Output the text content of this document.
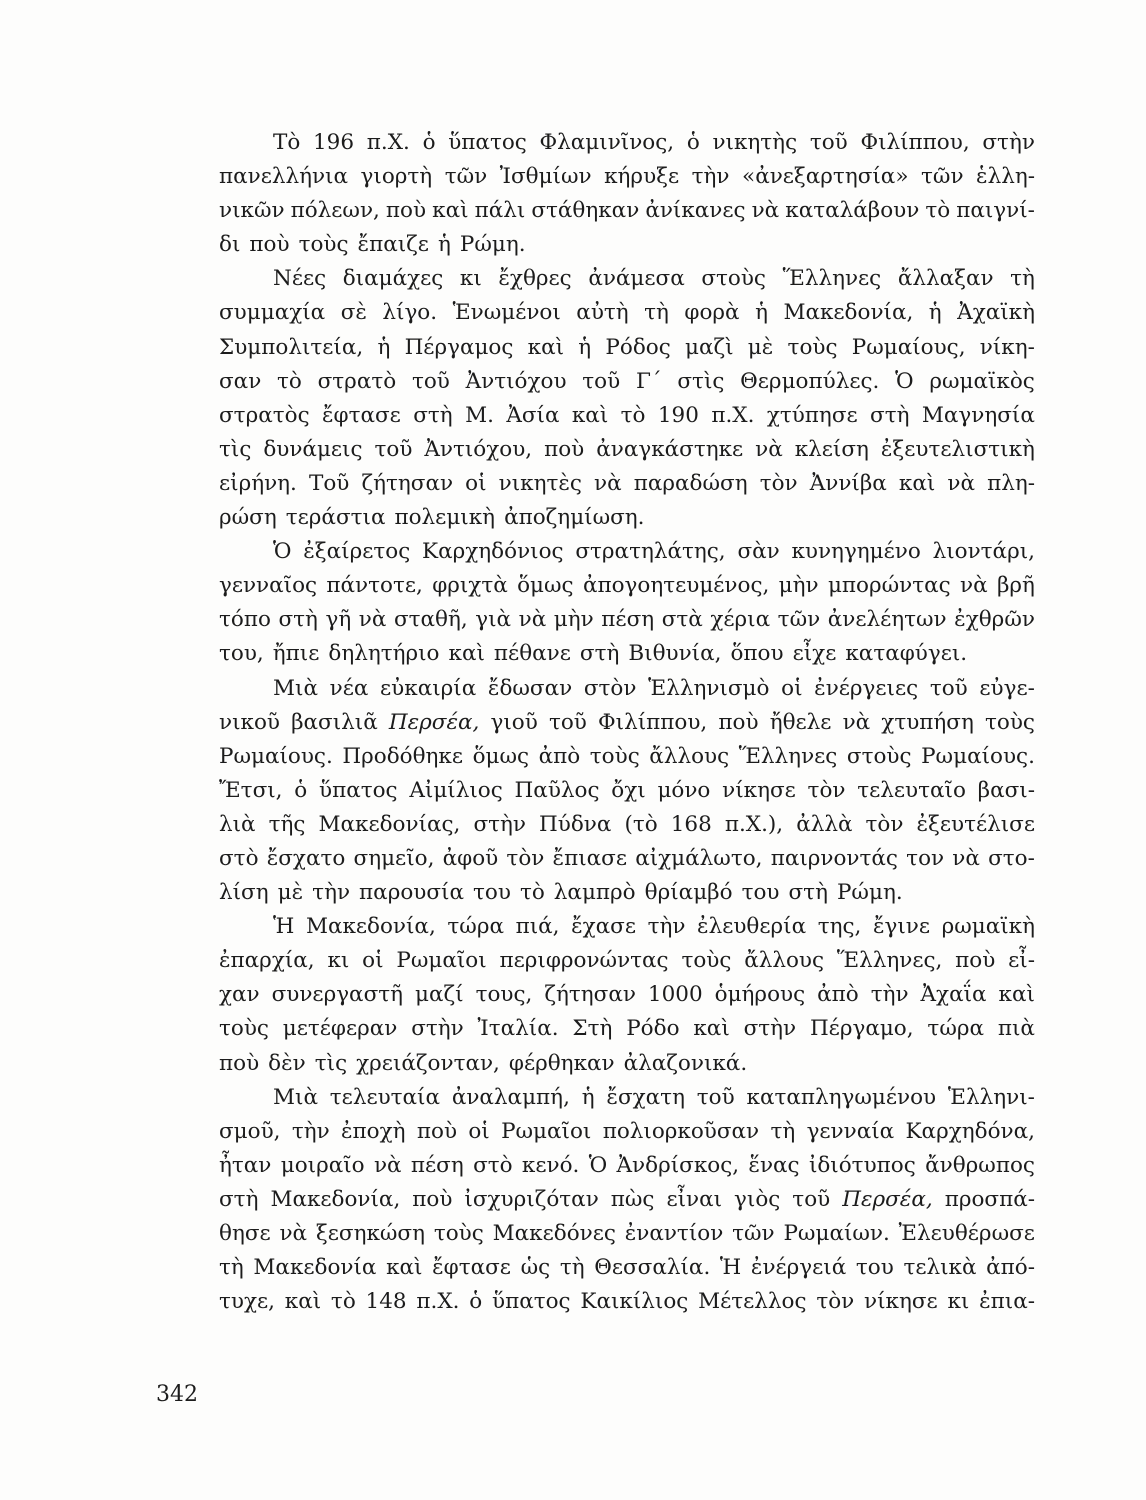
Τὸ 196 π.Χ. ὁ ὕπατος Φλαμινῖνος, ὁ νικητὴς τοῦ Φιλίππου, στὴν
πανελλήνια γιορτὴ τῶν Ἰσθμίων κήρυξε τὴν «ἀνεξαρτησία» τῶν ἑλλη-
νικῶν πόλεων, ποὺ καὶ πάλι στάθηκαν ἀνίκανες νὰ καταλάβουν τὸ παιγνί-
δι ποὺ τοὺς ἔπαιζε ἡ Ρώμη.
Νέες διαμάχες κι ἔχθρες ἀνάμεσα στοὺς Ἕλληνες ἄλλαξαν τὴ
συμμαχία σὲ λίγο. Ἑνωμένοι αὐτὴ τὴ φορὰ ἡ Μακεδονία, ἡ Ἀχαϊκὴ
Συμπολιτεία, ἡ Πέργαμος καὶ ἡ Ρόδος μαζὶ μὲ τοὺς Ρωμαίους, νίκη-
σαν τὸ στρατὸ τοῦ Ἀντιόχου τοῦ Γ΄ στὶς Θερμοπύλες. Ὁ ρωμαϊκὸς
στρατὸς ἔφτασε στὴ Μ. Ἀσία καὶ τὸ 190 π.Χ. χτύπησε στὴ Μαγνησία
τὶς δυνάμεις τοῦ Ἀντιόχου, ποὺ ἀναγκάστηκε νὰ κλείση ἐξευτελιστικὴ
εἰρήνη. Τοῦ ζήτησαν οἱ νικητὲς νὰ παραδώση τὸν Ἀννίβα καὶ νὰ πλη-
ρώση τεράστια πολεμικὴ ἀποζημίωση.
Ὁ ἐξαίρετος Καρχηδόνιος στρατηλάτης, σὰν κυνηγημένο λιοντάρι,
γενναῖος πάντοτε, φριχτὰ ὅμως ἀπογοητευμένος, μὴν μπορώντας νὰ βρῆ
τόπο στὴ γῆ νὰ σταθῆ, γιὰ νὰ μὴν πέση στὰ χέρια τῶν ἀνελέητων ἐχθρῶν
του, ἤπιε δηλητήριο καὶ πέθανε στὴ Βιθυνία, ὅπου εἶχε καταφύγει.
Μιὰ νέα εὐκαιρία ἔδωσαν στὸν Ἑλληνισμὸ οἱ ἐνέργειες τοῦ εὐγε-
νικοῦ βασιλιᾶ Περσέα, γιοῦ τοῦ Φιλίππου, ποὺ ἤθελε νὰ χτυπήση τοὺς
Ρωμαίους. Προδόθηκε ὅμως ἀπὸ τοὺς ἄλλους Ἕλληνες στοὺς Ρωμαίους.
Ἔτσι, ὁ ὕπατος Αἰμίλιος Παῦλος ὄχι μόνο νίκησε τὸν τελευταῖο βασι-
λιὰ τῆς Μακεδονίας, στὴν Πύδνα (τὸ 168 π.Χ.), ἀλλὰ τὸν ἐξευτέλισε
στὸ ἔσχατο σημεῖο, ἀφοῦ τὸν ἔπιασε αἰχμάλωτο, παιρνοντάς τον νὰ στο-
λίση μὲ τὴν παρουσία του τὸ λαμπρὸ θρίαμβό του στὴ Ρώμη.
Ἡ Μακεδονία, τώρα πιά, ἔχασε τὴν ἐλευθερία της, ἔγινε ρωμαϊκὴ
ἐπαρχία, κι οἱ Ρωμαῖοι περιφρονώντας τοὺς ἄλλους Ἕλληνες, ποὺ εἶ-
χαν συνεργαστῆ μαζί τους, ζήτησαν 1000 ὁμήρους ἀπὸ τὴν Ἀχαΐα καὶ
τοὺς μετέφεραν στὴν Ἰταλία. Στὴ Ρόδο καὶ στὴν Πέργαμο, τώρα πιὰ
ποὺ δὲν τὶς χρειάζονταν, φέρθηκαν ἀλαζονικά.
Μιὰ τελευταία ἀναλαμπή, ἡ ἔσχατη τοῦ καταπληγωμένου Ἑλληνι-
σμοῦ, τὴν ἐποχὴ ποὺ οἱ Ρωμαῖοι πολιορκοῦσαν τὴ γενναία Καρχηδόνα,
ἦταν μοιραῖο νὰ πέση στὸ κενό. Ὁ Ἀνδρίσκος, ἕνας ἰδιότυπος ἄνθρωπος
στὴ Μακεδονία, ποὺ ἰσχυριζόταν πὼς εἶναι γιὸς τοῦ Περσέα, προσπά-
θησε νὰ ξεσηκώση τοὺς Μακεδόνες ἐναντίον τῶν Ρωμαίων. Ἐλευθέρωσε
τὴ Μακεδονία καὶ ἔφτασε ὡς τὴ Θεσσαλία. Ἡ ἐνέργειά του τελικὰ ἀπό-
τυχε, καὶ τὸ 148 π.Χ. ὁ ὕπατος Καικίλιος Μέτελλος τὸν νίκησε κι ἐπια-
342
